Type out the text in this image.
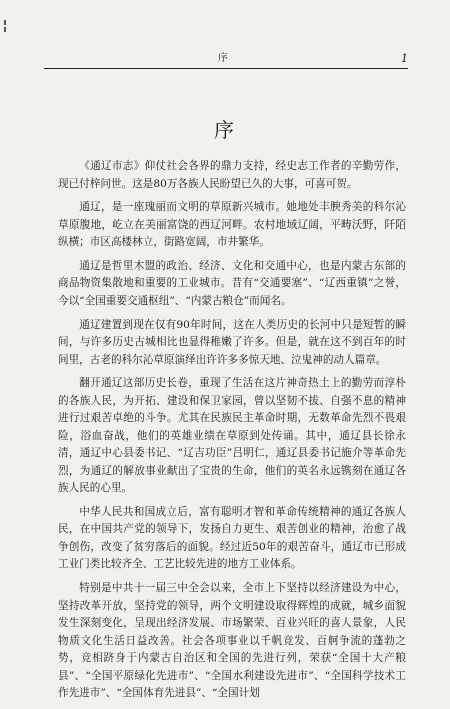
序	1
序

《通辽市志》仰仗社会各界的鼎力支持，经史志工作者的辛勤劳作，现已付梓问世。这是80万各族人民盼望已久的大事，可喜可贺。

通辽，是一座瑰丽而文明的草原新兴城市。她地处丰腴秀美的科尔沁草原腹地，屹立在美丽富饶的西辽河畔。农村地域辽阔，平畴沃野，阡陌纵横；市区高楼林立，街路宽阔，市井繁华。

通辽是哲里木盟的政治、经济、文化和交通中心，也是内蒙古东部的商品物资集散地和重要的工业城市。昔有“交通要塞”、“辽西重镇”之誉，今以“全国重要交通枢纽”、“内蒙古粮仓”而闻名。

通辽建置到现在仅有90年时间，这在人类历史的长河中只是短暂的瞬间，与许多历史古城相比也显得稚嫩了许多。但是，就在这不到百年的时间里，古老的科尔沁草原演绎出许许多多惊天地、泣鬼神的动人篇章。

翻开通辽这部历史长卷，重现了生活在这片神奇热土上的勤劳而淳朴的各族人民，为开拓、建设和保卫家园，曾以坚韧不拔、自强不息的精神进行过艰苦卓绝的斗争。尤其在民族民主革命时期，无数革命先烈不畏艰险，浴血奋战，他们的英雄业绩在草原到处传诵。其中，通辽县长徐永清，通辽中心县委书记、“辽吉功臣”吕明仁，通辽县委书记施介等革命先烈，为通辽的解放事业献出了宝贵的生命，他们的英名永远镌刻在通辽各族人民的心里。

中华人民共和国成立后，富有聪明才智和革命传统精神的通辽各族人民，在中国共产党的领导下，发扬自力更生、艰苦创业的精神，治愈了战争创伤，改变了贫穷落后的面貌。经过近50年的艰苦奋斗，通辽市已形成工业门类比较齐全、工艺比较先进的地方工业体系。

特别是中共十一届三中全会以来，全市上下坚持以经济建设为中心，坚持改革开放，坚持党的领导，两个文明建设取得辉煌的成就，城乡面貌发生深刻变化，呈现出经济发展、市场繁荣、百业兴旺的喜人景象，人民物质文化生活日益改善。社会各项事业以千帆竞发、百舸争流的蓬勃之势，竞相跻身于内蒙古自治区和全国的先进行列，荣获“全国十大产粮县”、“全国平原绿化先进市”、“全国水利建设先进市”、“全国科学技术工作先进市”、“全国体育先进县”、“全国计划
